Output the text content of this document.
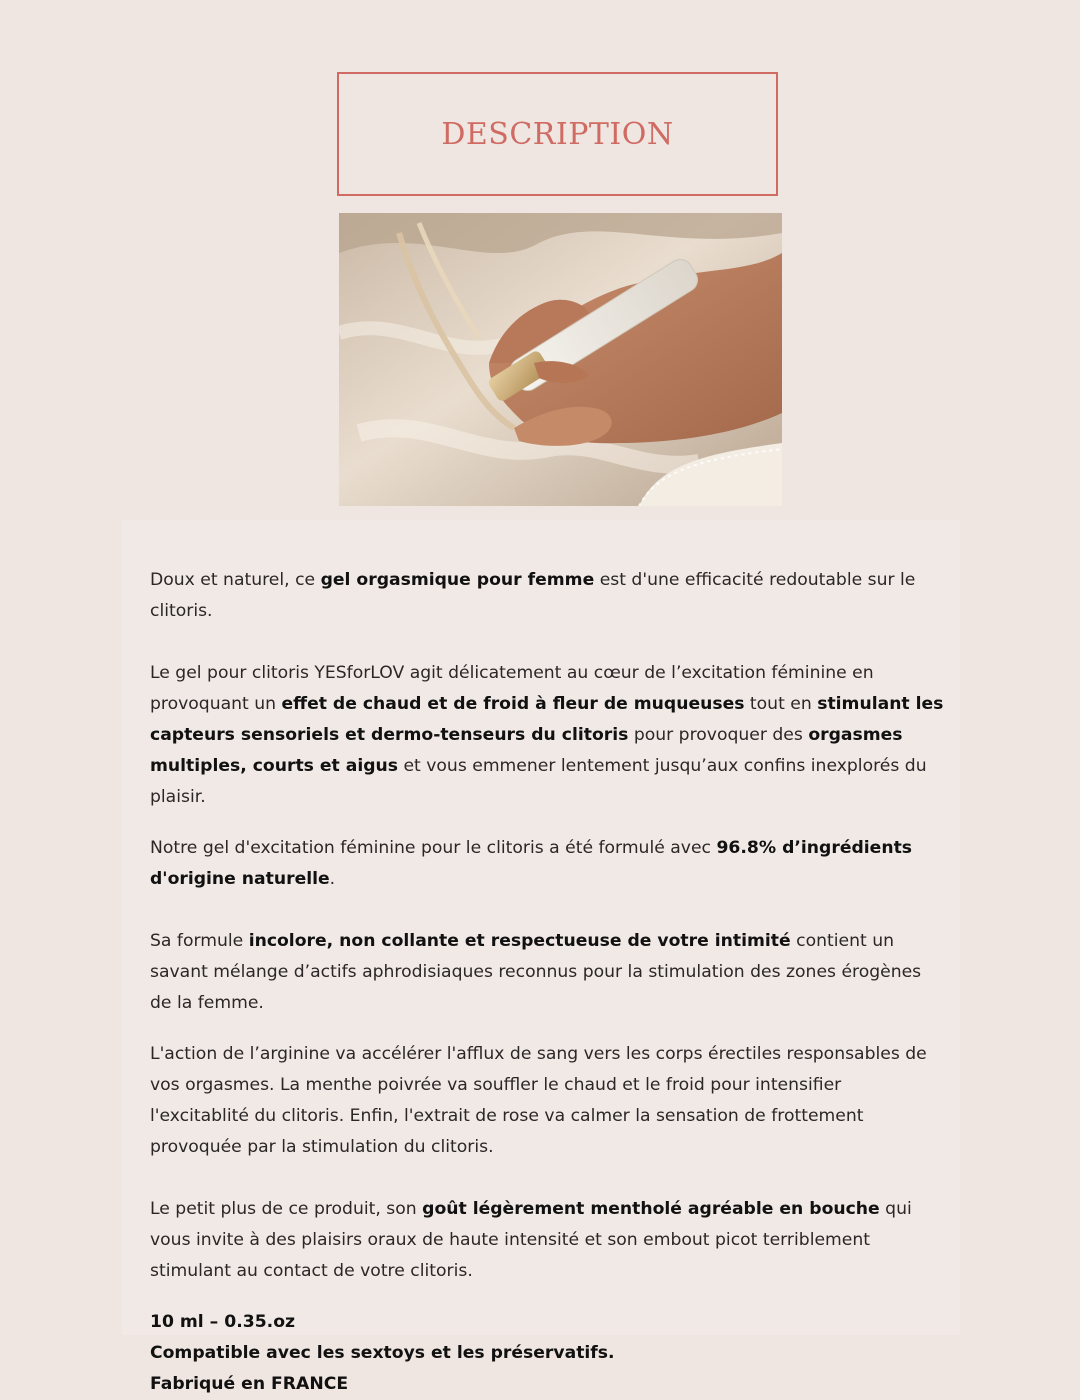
DESCRIPTION

Doux et naturel, ce gel orgasmique pour femme est d'une efficacité redoutable sur le clitoris.

Le gel pour clitoris YESforLOV agit délicatement au cœur de l’excitation féminine en provoquant un effet de chaud et de froid à fleur de muqueuses tout en stimulant les capteurs sensoriels et dermo-tenseurs du clitoris pour provoquer des orgasmes multiples, courts et aigus et vous emmener lentement jusqu’aux confins inexplorés du plaisir.

Notre gel d'excitation féminine pour le clitoris a été formulé avec 96.8% d’ingrédients d'origine naturelle.

Sa formule incolore, non collante et respectueuse de votre intimité contient un savant mélange d’actifs aphrodisiaques reconnus pour la stimulation des zones érogènes de la femme.

L'action de l’arginine va accélérer l'afflux de sang vers les corps érectiles responsables de vos orgasmes. La menthe poivrée va souffler le chaud et le froid pour intensifier l'excitablité du clitoris. Enfin, l'extrait de rose va calmer la sensation de frottement provoquée par la stimulation du clitoris.

Le petit plus de ce produit, son goût légèrement mentholé agréable en bouche qui vous invite à des plaisirs oraux de haute intensité et son embout picot terriblement stimulant au contact de votre clitoris.

10 ml – 0.35.oz
Compatible avec les sextoys et les préservatifs.
Fabriqué en FRANCE
